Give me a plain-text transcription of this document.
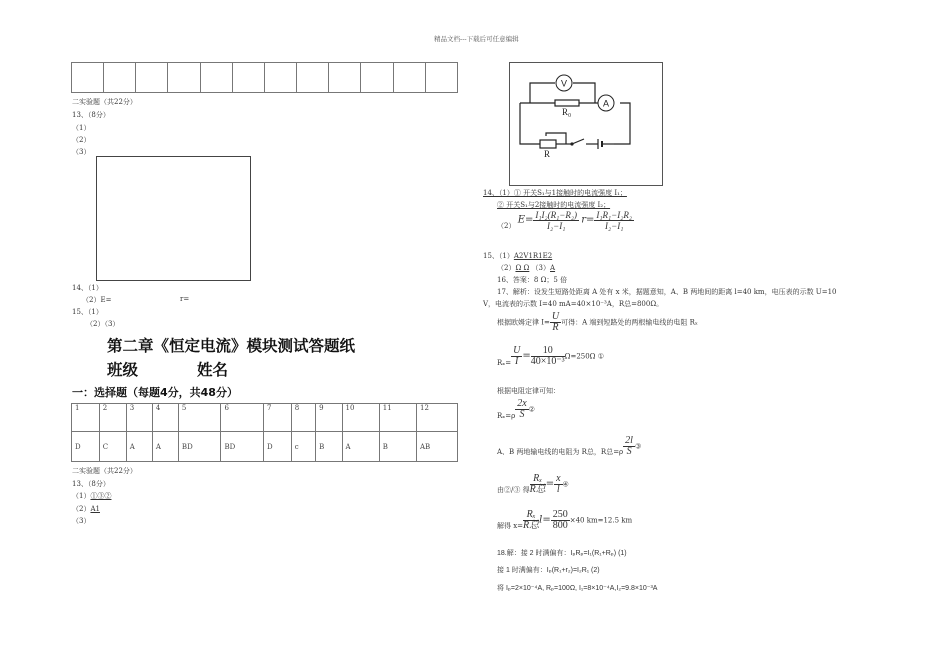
精品文档---下载后可任意编辑

二实验题（共22分）
13、（8分）
（1）
（2）
（3）
14、（1）
（2）E=	r=
15、（1）
（2）（3）
第二章《恒定电流》模块测试答题纸
班级	姓名
一：选择题（每题4分，共48分）
1	2	3	4	5	6	7	8	9	10	11	12
D	C	A	A	BD	BD	D	c	B	A	B	AB
二实验题（共22分）
13、（8分）
（1）①③②
（2）A1
（3）
V
A
R₀
R
14、（1）① 开关S₁与1接触时的电流强度 I₁；
② 开关S₁与2接触时的电流强度 I₂；
（2） $E= \frac{\text{I₁I₂(R₁−R₂)}}{\text{I₂−I₁}} r= \frac{\text{I₁R₁−I₂R₂}}{\text{I₂−I₁}}$
15、（1）A2V1R1E2
（2）Ω Ω （3）A
16、答案：8 Ω；5 倍
17、解析：设发生短路处距离 A 处有 x 米，据题意知，A、B 两地间的距离 l=40 km，电压表的示数 U=10
V，电流表的示数 I=40 mA=40×10⁻³A，R总=800Ω。
根据欧姆定律 $I= \frac{U}{R}$ 可得：A 端到短路处的两根输电线的电阻 Rₓ
$R_x= \frac{U}{I} = \frac{10}{\text{40×10⁻³}} \Omega=250\Omega$ ①
根据电阻定律可知：
$R_x=\rho \frac{2x}{S}$ ②
A、B 两地输电线的电阻为 R总，R总$=\rho \frac{2l}{S}$ ③
由②/③ 得 $\frac{\text{Rₓ}}{\text{R总}} = \frac{x}{l}$ ④
解得 $x= \frac{\text{Rₓ}}{\text{R总}} l= \frac{250}{800} \times 40$ km=12.5 km
18.解：接 2 时满偏有：IₚRₚ=I₁(R₁+Rₚ) (1)
接 1 时满偏有：Iₚ(R₁+r₂)=I₂R₁ (2)
将 Iₚ=2×10⁻⁴A, Rₚ=100Ω, I₁=8×10⁻⁴A,I₂=9.8×10⁻³A
